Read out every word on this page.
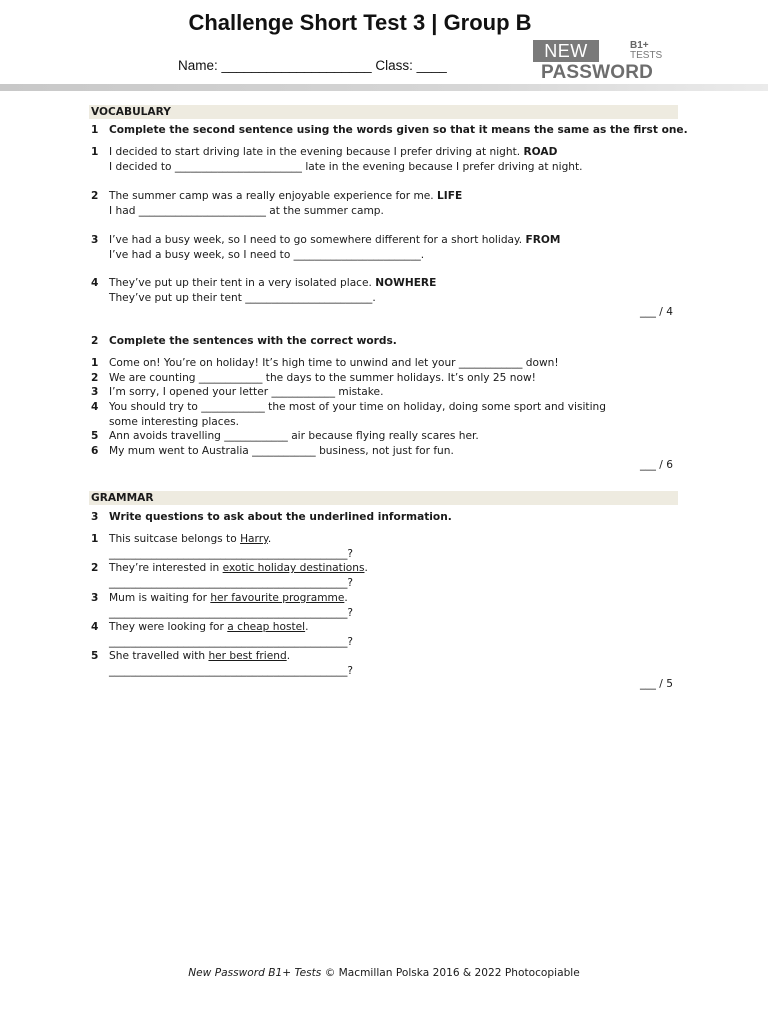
Challenge Short Test 3 | Group B
Name: ____________________ Class: ____
NEW	B1+
TESTS
PASSWORD
VOCABULARY
1 Complete the second sentence using the words given so that it means the same as the first one.
1 I decided to start driving late in the evening because I prefer driving at night. ROAD
I decided to ________________________ late in the evening because I prefer driving at night.
2 The summer camp was a really enjoyable experience for me. LIFE
I had ________________________ at the summer camp.
3 I’ve had a busy week, so I need to go somewhere different for a short holiday. FROM
I’ve had a busy week, so I need to ________________________.
4 They’ve put up their tent in a very isolated place. NOWHERE
They’ve put up their tent ________________________.
___ / 4
2 Complete the sentences with the correct words.
1 Come on! You’re on holiday! It’s high time to unwind and let your ____________ down!
2 We are counting ____________ the days to the summer holidays. It’s only 25 now!
3 I’m sorry, I opened your letter ____________ mistake.
4 You should try to ____________ the most of your time on holiday, doing some sport and visiting
some interesting places.
5 Ann avoids travelling ____________ air because flying really scares her.
6 My mum went to Australia ____________ business, not just for fun.
___ / 6
GRAMMAR
3 Write questions to ask about the underlined information.
1 This suitcase belongs to Harry.
_____________________________________________?
2 They’re interested in exotic holiday destinations.
_____________________________________________?
3 Mum is waiting for her favourite programme.
_____________________________________________?
4 They were looking for a cheap hostel.
_____________________________________________?
5 She travelled with her best friend.
_____________________________________________?
___ / 5
New Password B1+ Tests © Macmillan Polska 2016 & 2022 Photocopiable
